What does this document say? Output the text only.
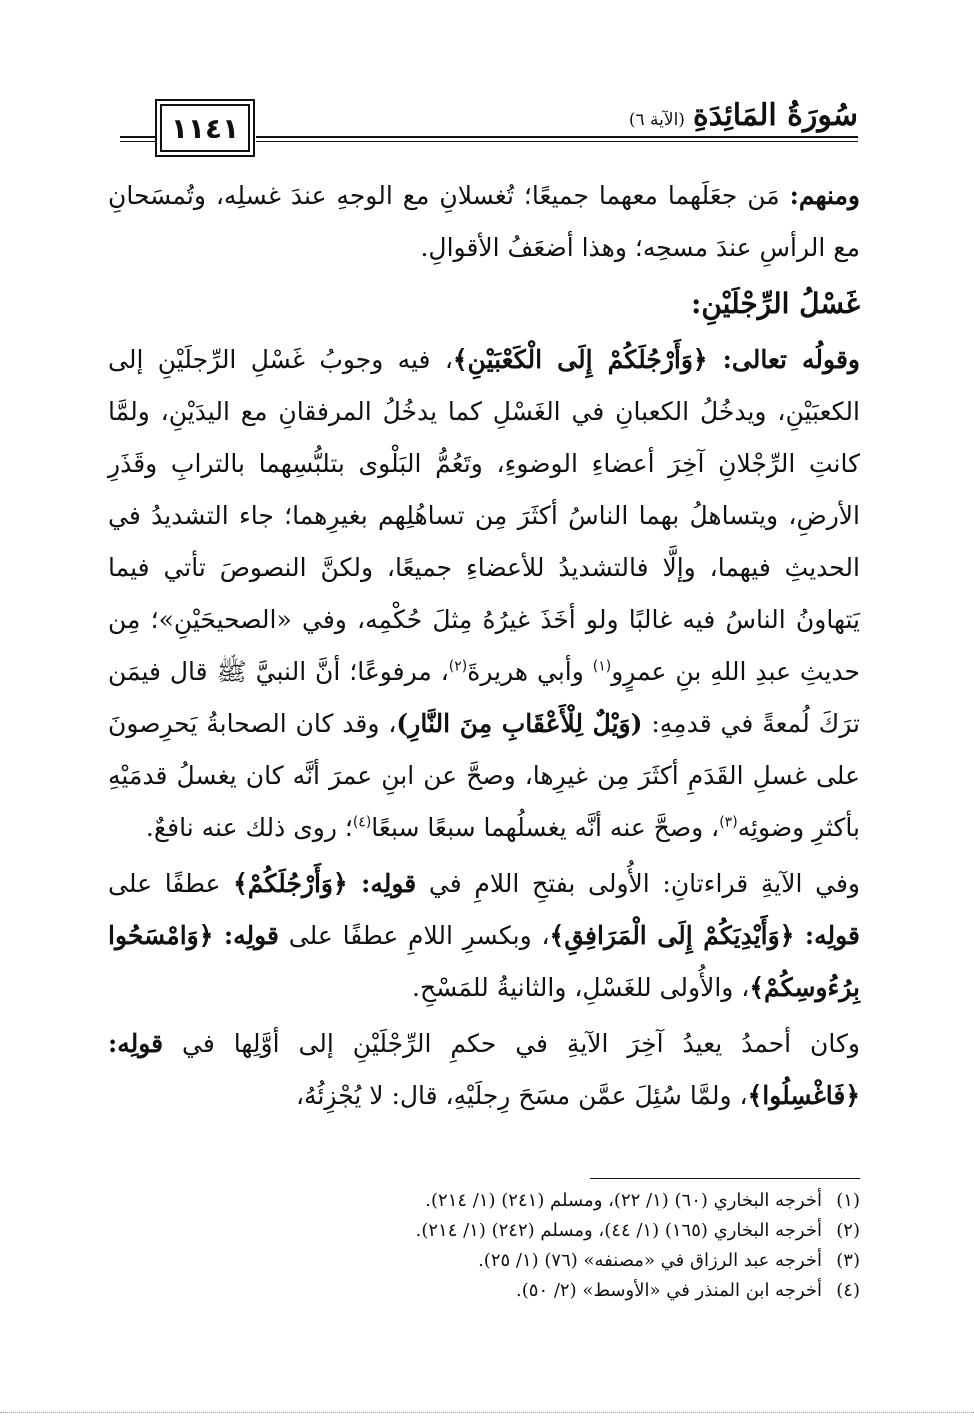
سُورَةُ المَائِدَةِ
(الآية ٦)
١١٤١

ومنهم: مَن جعَلَهما معهما جميعًا؛ تُغسلانِ مع الوجهِ عندَ غسلِه، وتُمسَحانِ مع الرأسِ عندَ مسحِه؛ وهذا أضعَفُ الأقوالِ.

غَسْلُ الرِّجْلَيْنِ:

وقولُه تعالى: ﴿وَأَرْجُلَكُمْ إِلَى الْكَعْبَيْنِ﴾، فيه وجوبُ غَسْلِ الرِّجلَيْنِ إلى الكعبَيْنِ، ويدخُلُ الكعبانِ في الغَسْلِ كما يدخُلُ المرفقانِ مع اليدَيْنِ، ولمَّا كانتِ الرِّجْلانِ آخِرَ أعضاءِ الوضوءِ، وتَعُمُّ البَلْوى بتلبُّسِهما بالترابِ وقَذَرِ الأرضِ، ويتساهلُ بهما الناسُ أكثَرَ مِن تساهُلِهم بغيرِهما؛ جاء التشديدُ في الحديثِ فيهما، وإلَّا فالتشديدُ للأعضاءِ جميعًا، ولكنَّ النصوصَ تأتي فيما يَتهاونُ الناسُ فيه غالبًا ولو أخَذَ غيرُهُ مِثلَ حُكْمِه، وفي «الصحيحَيْنِ»؛ مِن حديثِ عبدِ اللهِ بنِ عمرٍو$^{(١)}$ وأبي هريرةَ$^{(٢)}$، مرفوعًا؛ أنَّ النبيَّ ﷺ قال فيمَن ترَكَ لُمعةً في قدمِهِ: (وَيْلٌ لِلْأَعْقَابِ مِنَ النَّارِ)، وقد كان الصحابةُ يَحرِصونَ على غسلِ القَدَمِ أكثَرَ مِن غيرِها، وصحَّ عن ابنِ عمرَ أنَّه كان يغسلُ قدمَيْهِ بأكثرِ وضوئِه$^{(٣)}$، وصحَّ عنه أنَّه يغسلُهما سبعًا سبعًا$^{(٤)}$؛ روى ذلك عنه نافعٌ.

وفي الآيةِ قراءتانِ: الأُولى بفتحِ اللامِ في قولِه: ﴿وَأَرْجُلَكُمْ﴾ عطفًا على قولِه: ﴿وَأَيْدِيَكُمْ إِلَى الْمَرَافِقِ﴾، وبكسرِ اللامِ عطفًا على قولِه: ﴿وَامْسَحُوا بِرُءُوسِكُمْ﴾، والأُولى للغَسْلِ، والثانيةُ للمَسْحِ.

وكان أحمدُ يعيدُ آخِرَ الآيةِ في حكمِ الرِّجْلَيْنِ إلى أوَّلِها في قولِه: ﴿فَاغْسِلُوا﴾، ولمَّا سُئِلَ عمَّن مسَحَ رِجلَيْهِ، قال: لا يُجْزِئُهُ،

(١)
أخرجه البخاري (٦٠) (١/ ٢٢)، ومسلم (٢٤١) (١/ ٢١٤).
(٢)
أخرجه البخاري (١٦٥) (١/ ٤٤)، ومسلم (٢٤٢) (١/ ٢١٤).
(٣)
أخرجه عبد الرزاق في «مصنفه» (٧٦) (١/ ٢٥).
(٤)
أخرجه ابن المنذر في «الأوسط» (٢/ ٥٠).
